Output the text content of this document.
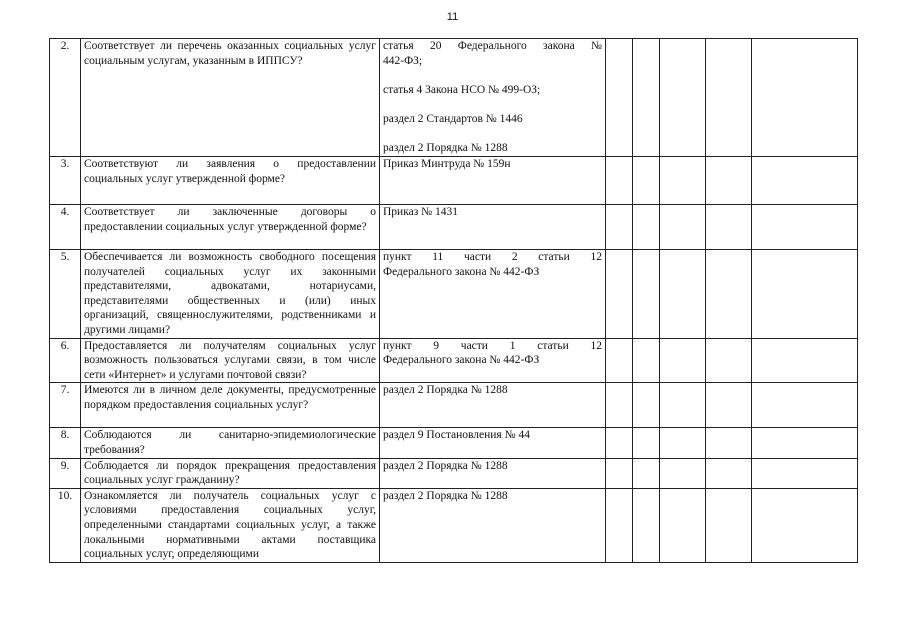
11
2.	Соответствует ли перечень оказанных социальных услуг социальным услугам, указанным в ИППСУ?	статья 20 Федерального закона №
442-ФЗ;
статья 4 Закона НСО № 499-ОЗ;
раздел 2 Стандартов № 1446
раздел 2 Порядка № 1288					

3.	Соответствуют ли заявления о предоставлении социальных услуг утвержденной форме?	Приказ Минтруда № 159н					

4.	Соответствует ли заключенные договоры о предоставлении социальных услуг утвержденной форме?	Приказ № 1431					

5.	Обеспечивается ли возможность свободного посещения получателей социальных услуг их законными представителями, адвокатами, нотариусами, представителями общественных и (или) иных организаций, священнослужителями, родственниками и другими лицами?	пункт 11 части 2 статьи 12
Федерального закона № 442-ФЗ					

6.	Предоставляется ли получателям социальных услуг возможность пользоваться услугами связи, в том числе сети «Интернет» и услугами почтовой связи?	пункт 9 части 1 статьи 12
Федерального закона № 442-ФЗ					

7.	Имеются ли в личном деле документы, предусмотренные порядком предоставления социальных услуг?	раздел 2 Порядка № 1288					

8.	Соблюдаются ли санитарно-эпидемиологические требования?	раздел 9 Постановления № 44					

9.	Соблюдается ли порядок прекращения предоставления социальных услуг гражданину?	раздел 2 Порядка № 1288					

10.	Ознакомляется ли получатель социальных услуг с условиями предоставления социальных услуг, определенными стандартами социальных услуг, а также локальными нормативными актами поставщика социальных услуг, определяющими	раздел 2 Порядка № 1288					
